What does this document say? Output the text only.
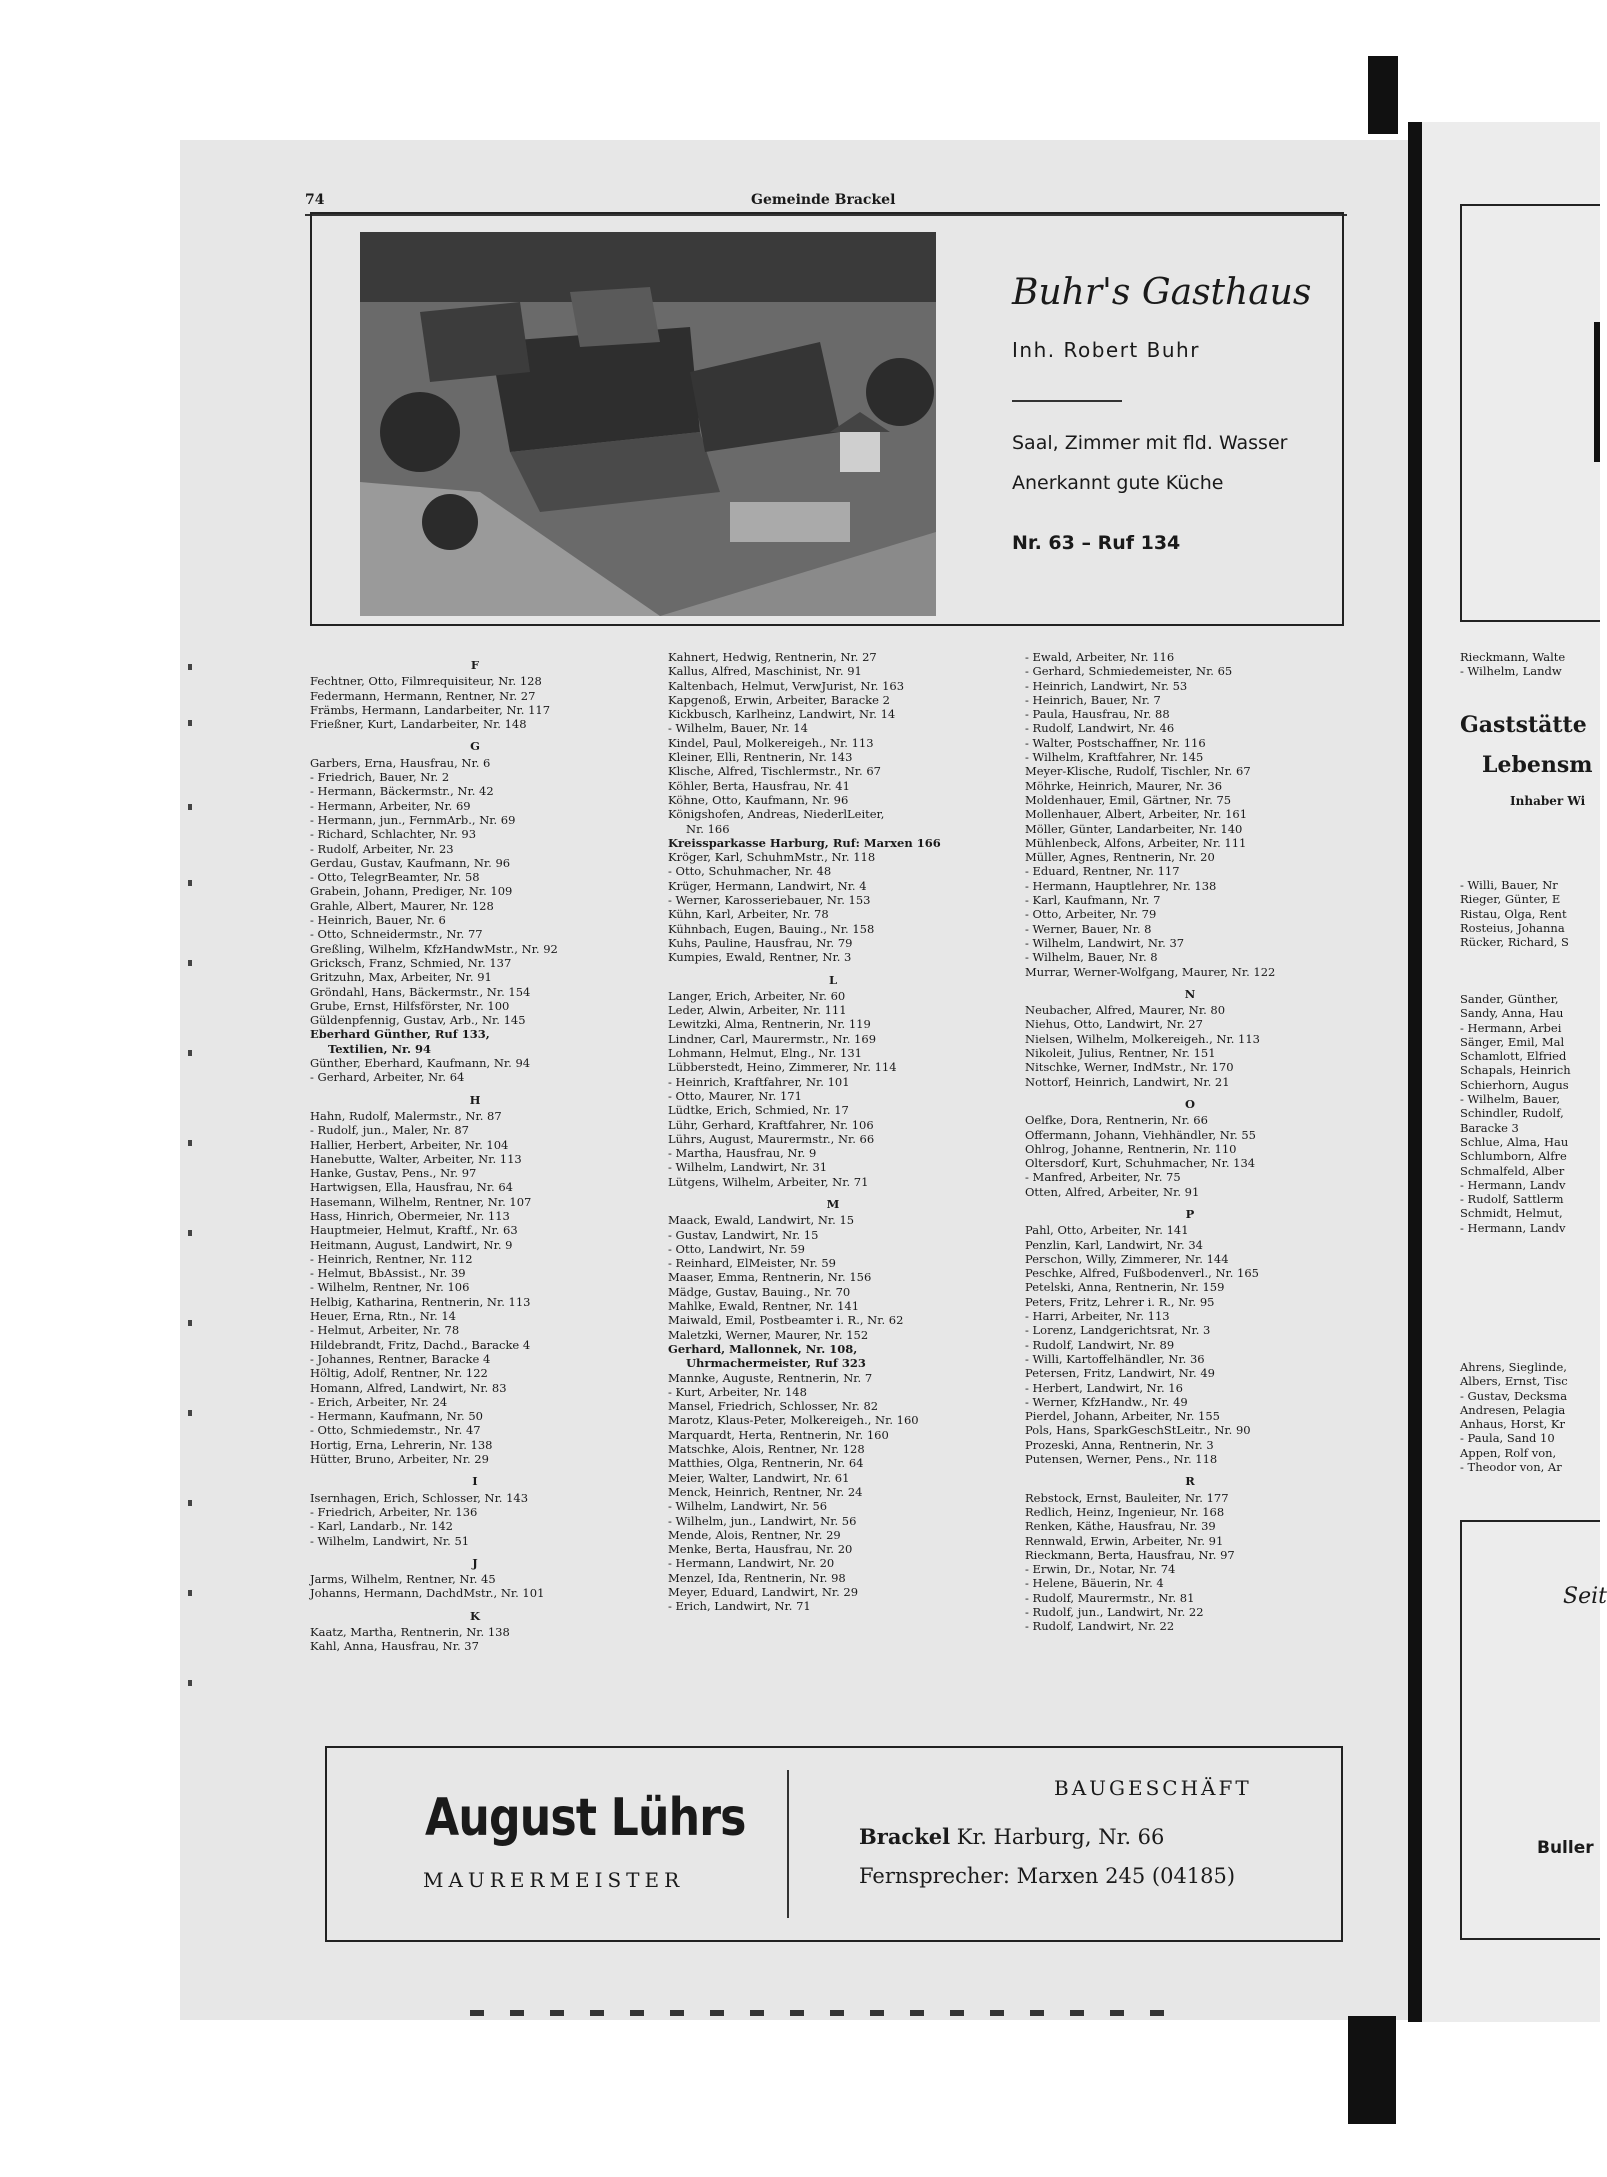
74	Gemeinde Brackel
Buhr's Gasthaus
Inh. Robert Buhr
Saal, Zimmer mit fld. Wasser
Anerkannt gute Küche
Nr. 63 – Ruf 134
F
Fechtner, Otto, Filmrequisiteur, Nr. 128
Federmann, Hermann, Rentner, Nr. 27
Främbs, Hermann, Landarbeiter, Nr. 117
Frießner, Kurt, Landarbeiter, Nr. 148
G
Garbers, Erna, Hausfrau, Nr. 6
- Friedrich, Bauer, Nr. 2
- Hermann, Bäckermstr., Nr. 42
- Hermann, Arbeiter, Nr. 69
- Hermann, jun., FernmArb., Nr. 69
- Richard, Schlachter, Nr. 93
- Rudolf, Arbeiter, Nr. 23
Gerdau, Gustav, Kaufmann, Nr. 96
- Otto, TelegrBeamter, Nr. 58
Grabein, Johann, Prediger, Nr. 109
Grahle, Albert, Maurer, Nr. 128
- Heinrich, Bauer, Nr. 6
- Otto, Schneidermstr., Nr. 77
Greßling, Wilhelm, KfzHandwMstr., Nr. 92
Gricksch, Franz, Schmied, Nr. 137
Gritzuhn, Max, Arbeiter, Nr. 91
Gröndahl, Hans, Bäckermstr., Nr. 154
Grube, Ernst, Hilfsförster, Nr. 100
Güldenpfennig, Gustav, Arb., Nr. 145
Eberhard Günther, Ruf 133,
Textilien, Nr. 94
Günther, Eberhard, Kaufmann, Nr. 94
- Gerhard, Arbeiter, Nr. 64
H
Hahn, Rudolf, Malermstr., Nr. 87
- Rudolf, jun., Maler, Nr. 87
Hallier, Herbert, Arbeiter, Nr. 104
Hanebutte, Walter, Arbeiter, Nr. 113
Hanke, Gustav, Pens., Nr. 97
Hartwigsen, Ella, Hausfrau, Nr. 64
Hasemann, Wilhelm, Rentner, Nr. 107
Hass, Hinrich, Obermeier, Nr. 113
Hauptmeier, Helmut, Kraftf., Nr. 63
Heitmann, August, Landwirt, Nr. 9
- Heinrich, Rentner, Nr. 112
- Helmut, BbAssist., Nr. 39
- Wilhelm, Rentner, Nr. 106
Helbig, Katharina, Rentnerin, Nr. 113
Heuer, Erna, Rtn., Nr. 14
- Helmut, Arbeiter, Nr. 78
Hildebrandt, Fritz, Dachd., Baracke 4
- Johannes, Rentner, Baracke 4
Höltig, Adolf, Rentner, Nr. 122
Homann, Alfred, Landwirt, Nr. 83
- Erich, Arbeiter, Nr. 24
- Hermann, Kaufmann, Nr. 50
- Otto, Schmiedemstr., Nr. 47
Hortig, Erna, Lehrerin, Nr. 138
Hütter, Bruno, Arbeiter, Nr. 29
I
Isernhagen, Erich, Schlosser, Nr. 143
- Friedrich, Arbeiter, Nr. 136
- Karl, Landarb., Nr. 142
- Wilhelm, Landwirt, Nr. 51
J
Jarms, Wilhelm, Rentner, Nr. 45
Johanns, Hermann, DachdMstr., Nr. 101
K
Kaatz, Martha, Rentnerin, Nr. 138
Kahl, Anna, Hausfrau, Nr. 37
Kahnert, Hedwig, Rentnerin, Nr. 27
Kallus, Alfred, Maschinist, Nr. 91
Kaltenbach, Helmut, VerwJurist, Nr. 163
Kapgenoß, Erwin, Arbeiter, Baracke 2
Kickbusch, Karlheinz, Landwirt, Nr. 14
- Wilhelm, Bauer, Nr. 14
Kindel, Paul, Molkereigeh., Nr. 113
Kleiner, Elli, Rentnerin, Nr. 143
Klische, Alfred, Tischlermstr., Nr. 67
Köhler, Berta, Hausfrau, Nr. 41
Köhne, Otto, Kaufmann, Nr. 96
Königshofen, Andreas, NiederlLeiter,
Nr. 166
Kreissparkasse Harburg, Ruf: Marxen 166
Kröger, Karl, SchuhmMstr., Nr. 118
- Otto, Schuhmacher, Nr. 48
Krüger, Hermann, Landwirt, Nr. 4
- Werner, Karosseriebauer, Nr. 153
Kühn, Karl, Arbeiter, Nr. 78
Kühnbach, Eugen, Bauing., Nr. 158
Kuhs, Pauline, Hausfrau, Nr. 79
Kumpies, Ewald, Rentner, Nr. 3
L
Langer, Erich, Arbeiter, Nr. 60
Leder, Alwin, Arbeiter, Nr. 111
Lewitzki, Alma, Rentnerin, Nr. 119
Lindner, Carl, Maurermstr., Nr. 169
Lohmann, Helmut, Elng., Nr. 131
Lübberstedt, Heino, Zimmerer, Nr. 114
- Heinrich, Kraftfahrer, Nr. 101
- Otto, Maurer, Nr. 171
Lüdtke, Erich, Schmied, Nr. 17
Lühr, Gerhard, Kraftfahrer, Nr. 106
Lührs, August, Maurermstr., Nr. 66
- Martha, Hausfrau, Nr. 9
- Wilhelm, Landwirt, Nr. 31
Lütgens, Wilhelm, Arbeiter, Nr. 71
M
Maack, Ewald, Landwirt, Nr. 15
- Gustav, Landwirt, Nr. 15
- Otto, Landwirt, Nr. 59
- Reinhard, ElMeister, Nr. 59
Maaser, Emma, Rentnerin, Nr. 156
Mädge, Gustav, Bauing., Nr. 70
Mahlke, Ewald, Rentner, Nr. 141
Maiwald, Emil, Postbeamter i. R., Nr. 62
Maletzki, Werner, Maurer, Nr. 152
Gerhard, Mallonnek, Nr. 108,
Uhrmachermeister, Ruf 323
Mannke, Auguste, Rentnerin, Nr. 7
- Kurt, Arbeiter, Nr. 148
Mansel, Friedrich, Schlosser, Nr. 82
Marotz, Klaus-Peter, Molkereigeh., Nr. 160
Marquardt, Herta, Rentnerin, Nr. 160
Matschke, Alois, Rentner, Nr. 128
Matthies, Olga, Rentnerin, Nr. 64
Meier, Walter, Landwirt, Nr. 61
Menck, Heinrich, Rentner, Nr. 24
- Wilhelm, Landwirt, Nr. 56
- Wilhelm, jun., Landwirt, Nr. 56
Mende, Alois, Rentner, Nr. 29
Menke, Berta, Hausfrau, Nr. 20
- Hermann, Landwirt, Nr. 20
Menzel, Ida, Rentnerin, Nr. 98
Meyer, Eduard, Landwirt, Nr. 29
- Erich, Landwirt, Nr. 71
- Ewald, Arbeiter, Nr. 116
- Gerhard, Schmiedemeister, Nr. 65
- Heinrich, Landwirt, Nr. 53
- Heinrich, Bauer, Nr. 7
- Paula, Hausfrau, Nr. 88
- Rudolf, Landwirt, Nr. 46
- Walter, Postschaffner, Nr. 116
- Wilhelm, Kraftfahrer, Nr. 145
Meyer-Klische, Rudolf, Tischler, Nr. 67
Möhrke, Heinrich, Maurer, Nr. 36
Moldenhauer, Emil, Gärtner, Nr. 75
Mollenhauer, Albert, Arbeiter, Nr. 161
Möller, Günter, Landarbeiter, Nr. 140
Mühlenbeck, Alfons, Arbeiter, Nr. 111
Müller, Agnes, Rentnerin, Nr. 20
- Eduard, Rentner, Nr. 117
- Hermann, Hauptlehrer, Nr. 138
- Karl, Kaufmann, Nr. 7
- Otto, Arbeiter, Nr. 79
- Werner, Bauer, Nr. 8
- Wilhelm, Landwirt, Nr. 37
- Wilhelm, Bauer, Nr. 8
Murrar, Werner-Wolfgang, Maurer, Nr. 122
N
Neubacher, Alfred, Maurer, Nr. 80
Niehus, Otto, Landwirt, Nr. 27
Nielsen, Wilhelm, Molkereigeh., Nr. 113
Nikoleit, Julius, Rentner, Nr. 151
Nitschke, Werner, IndMstr., Nr. 170
Nottorf, Heinrich, Landwirt, Nr. 21
O
Oelfke, Dora, Rentnerin, Nr. 66
Offermann, Johann, Viehhändler, Nr. 55
Ohlrog, Johanne, Rentnerin, Nr. 110
Oltersdorf, Kurt, Schuhmacher, Nr. 134
- Manfred, Arbeiter, Nr. 75
Otten, Alfred, Arbeiter, Nr. 91
P
Pahl, Otto, Arbeiter, Nr. 141
Penzlin, Karl, Landwirt, Nr. 34
Perschon, Willy, Zimmerer, Nr. 144
Peschke, Alfred, Fußbodenverl., Nr. 165
Petelski, Anna, Rentnerin, Nr. 159
Peters, Fritz, Lehrer i. R., Nr. 95
- Harri, Arbeiter, Nr. 113
- Lorenz, Landgerichtsrat, Nr. 3
- Rudolf, Landwirt, Nr. 89
- Willi, Kartoffelhändler, Nr. 36
Petersen, Fritz, Landwirt, Nr. 49
- Herbert, Landwirt, Nr. 16
- Werner, KfzHandw., Nr. 49
Pierdel, Johann, Arbeiter, Nr. 155
Pols, Hans, SparkGeschStLeitr., Nr. 90
Prozeski, Anna, Rentnerin, Nr. 3
Putensen, Werner, Pens., Nr. 118
R
Rebstock, Ernst, Bauleiter, Nr. 177
Redlich, Heinz, Ingenieur, Nr. 168
Renken, Käthe, Hausfrau, Nr. 39
Rennwald, Erwin, Arbeiter, Nr. 91
Rieckmann, Berta, Hausfrau, Nr. 97
- Erwin, Dr., Notar, Nr. 74
- Helene, Bäuerin, Nr. 4
- Rudolf, Maurermstr., Nr. 81
- Rudolf, jun., Landwirt, Nr. 22
- Rudolf, Landwirt, Nr. 22
August Lührs
MAURERMEISTER
BAUGESCHÄFT
Brackel Kr. Harburg, Nr. 66
Fernsprecher: Marxen 245 (04185)
Rieckmann, Walte
- Wilhelm, Landw
Gaststätte
Lebensm
Inhaber Wi
- Willi, Bauer, Nr
Rieger, Günter, E
Ristau, Olga, Rent
Rosteius, Johanna
Rücker, Richard, S
Sander, Günther,
Sandy, Anna, Hau
- Hermann, Arbei
Sänger, Emil, Mal
Schamlott, Elfried
Schapals, Heinrich
Schierhorn, Augus
- Wilhelm, Bauer,
Schindler, Rudolf,
Baracke 3
Schlue, Alma, Hau
Schlumborn, Alfre
Schmalfeld, Alber
- Hermann, Landv
- Rudolf, Sattlerm
Schmidt, Helmut,
- Hermann, Landv
Ahrens, Sieglinde,
Albers, Ernst, Tisc
- Gustav, Decksma
Andresen, Pelagia
Anhaus, Horst, Kr
- Paula, Sand 10
Appen, Rolf von,
- Theodor von, Ar
Seit
Buller
